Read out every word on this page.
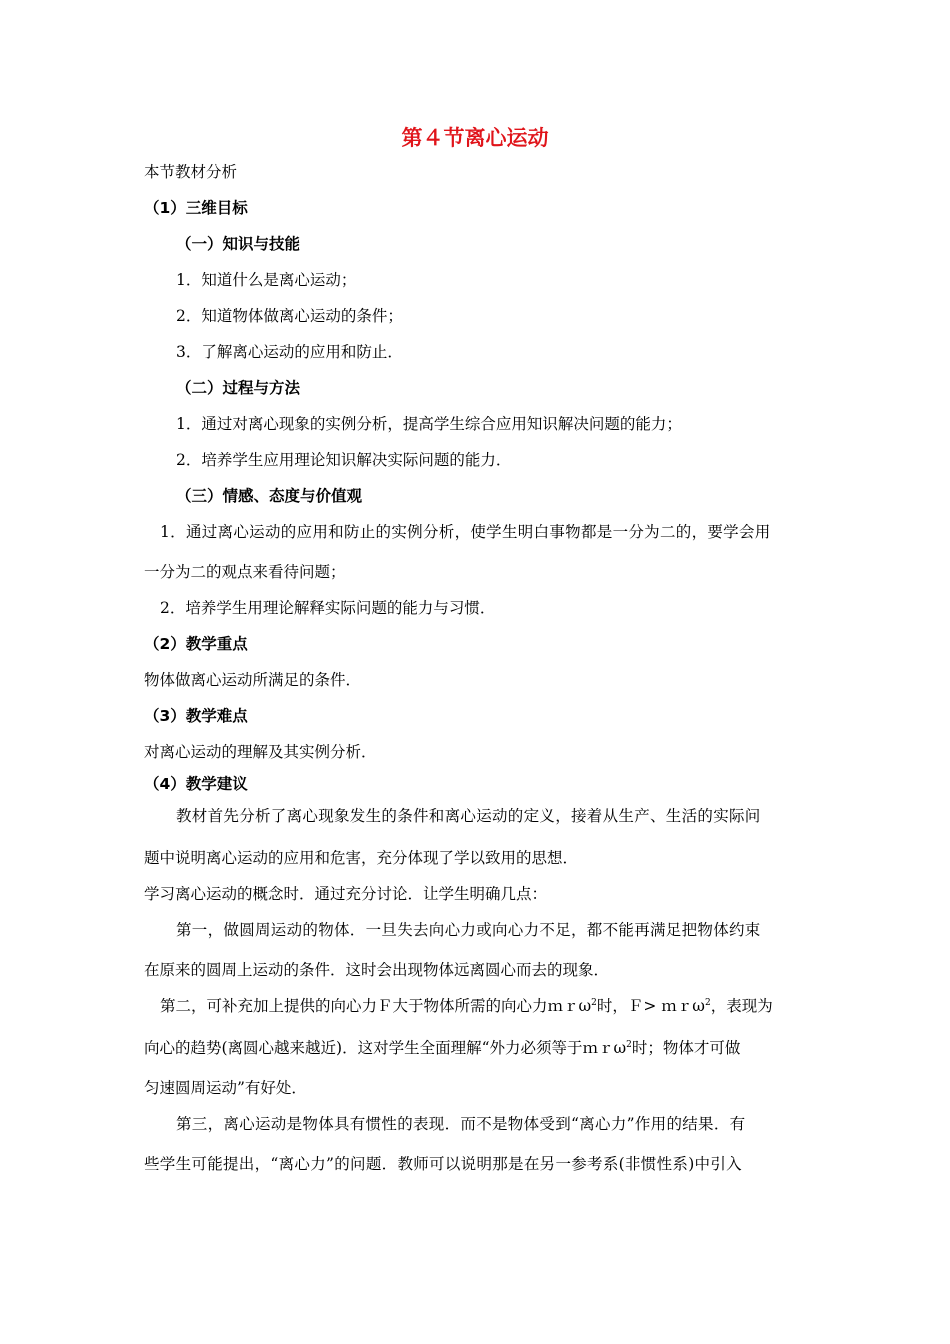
第４节离心运动
本节教材分析
（1）三维目标
（一）知识与技能
1．知道什么是离心运动；
2．知道物体做离心运动的条件；
3．了解离心运动的应用和防止．
（二）过程与方法
1．通过对离心现象的实例分析，提高学生综合应用知识解决问题的能力；
2．培养学生应用理论知识解决实际问题的能力．
（三）情感、态度与价值观
1．通过离心运动的应用和防止的实例分析，使学生明白事物都是一分为二的，要学会用
一分为二的观点来看待问题；
2．培养学生用理论解释实际问题的能力与习惯．
（2）教学重点
物体做离心运动所满足的条件．
（3）教学难点
对离心运动的理解及其实例分析．
（4）教学建议
教材首先分析了离心现象发生的条件和离心运动的定义，接着从生产、生活的实际问
题中说明离心运动的应用和危害，充分体现了学以致用的思想．
学习离心运动的概念时．通过充分讨论．让学生明确几点：
第一，做圆周运动的物体．一旦失去向心力或向心力不足，都不能再满足把物体约束
在原来的圆周上运动的条件．这时会出现物体远离圆心而去的现象．
第二，可补充加上提供的向心力Ｆ大于物体所需的向心力ｍｒω$^2$时，Ｆ> ｍｒω$^2$，表现为
向心的趋势(离圆心越来越近)．这对学生全面理解“外力必须等于ｍｒω$^2$时；物体才可做
匀速圆周运动”有好处．
第三，离心运动是物体具有惯性的表现．而不是物体受到“离心力”作用的结果．有
些学生可能提出，“离心力”的问题．教师可以说明那是在另一参考系(非惯性系)中引入
